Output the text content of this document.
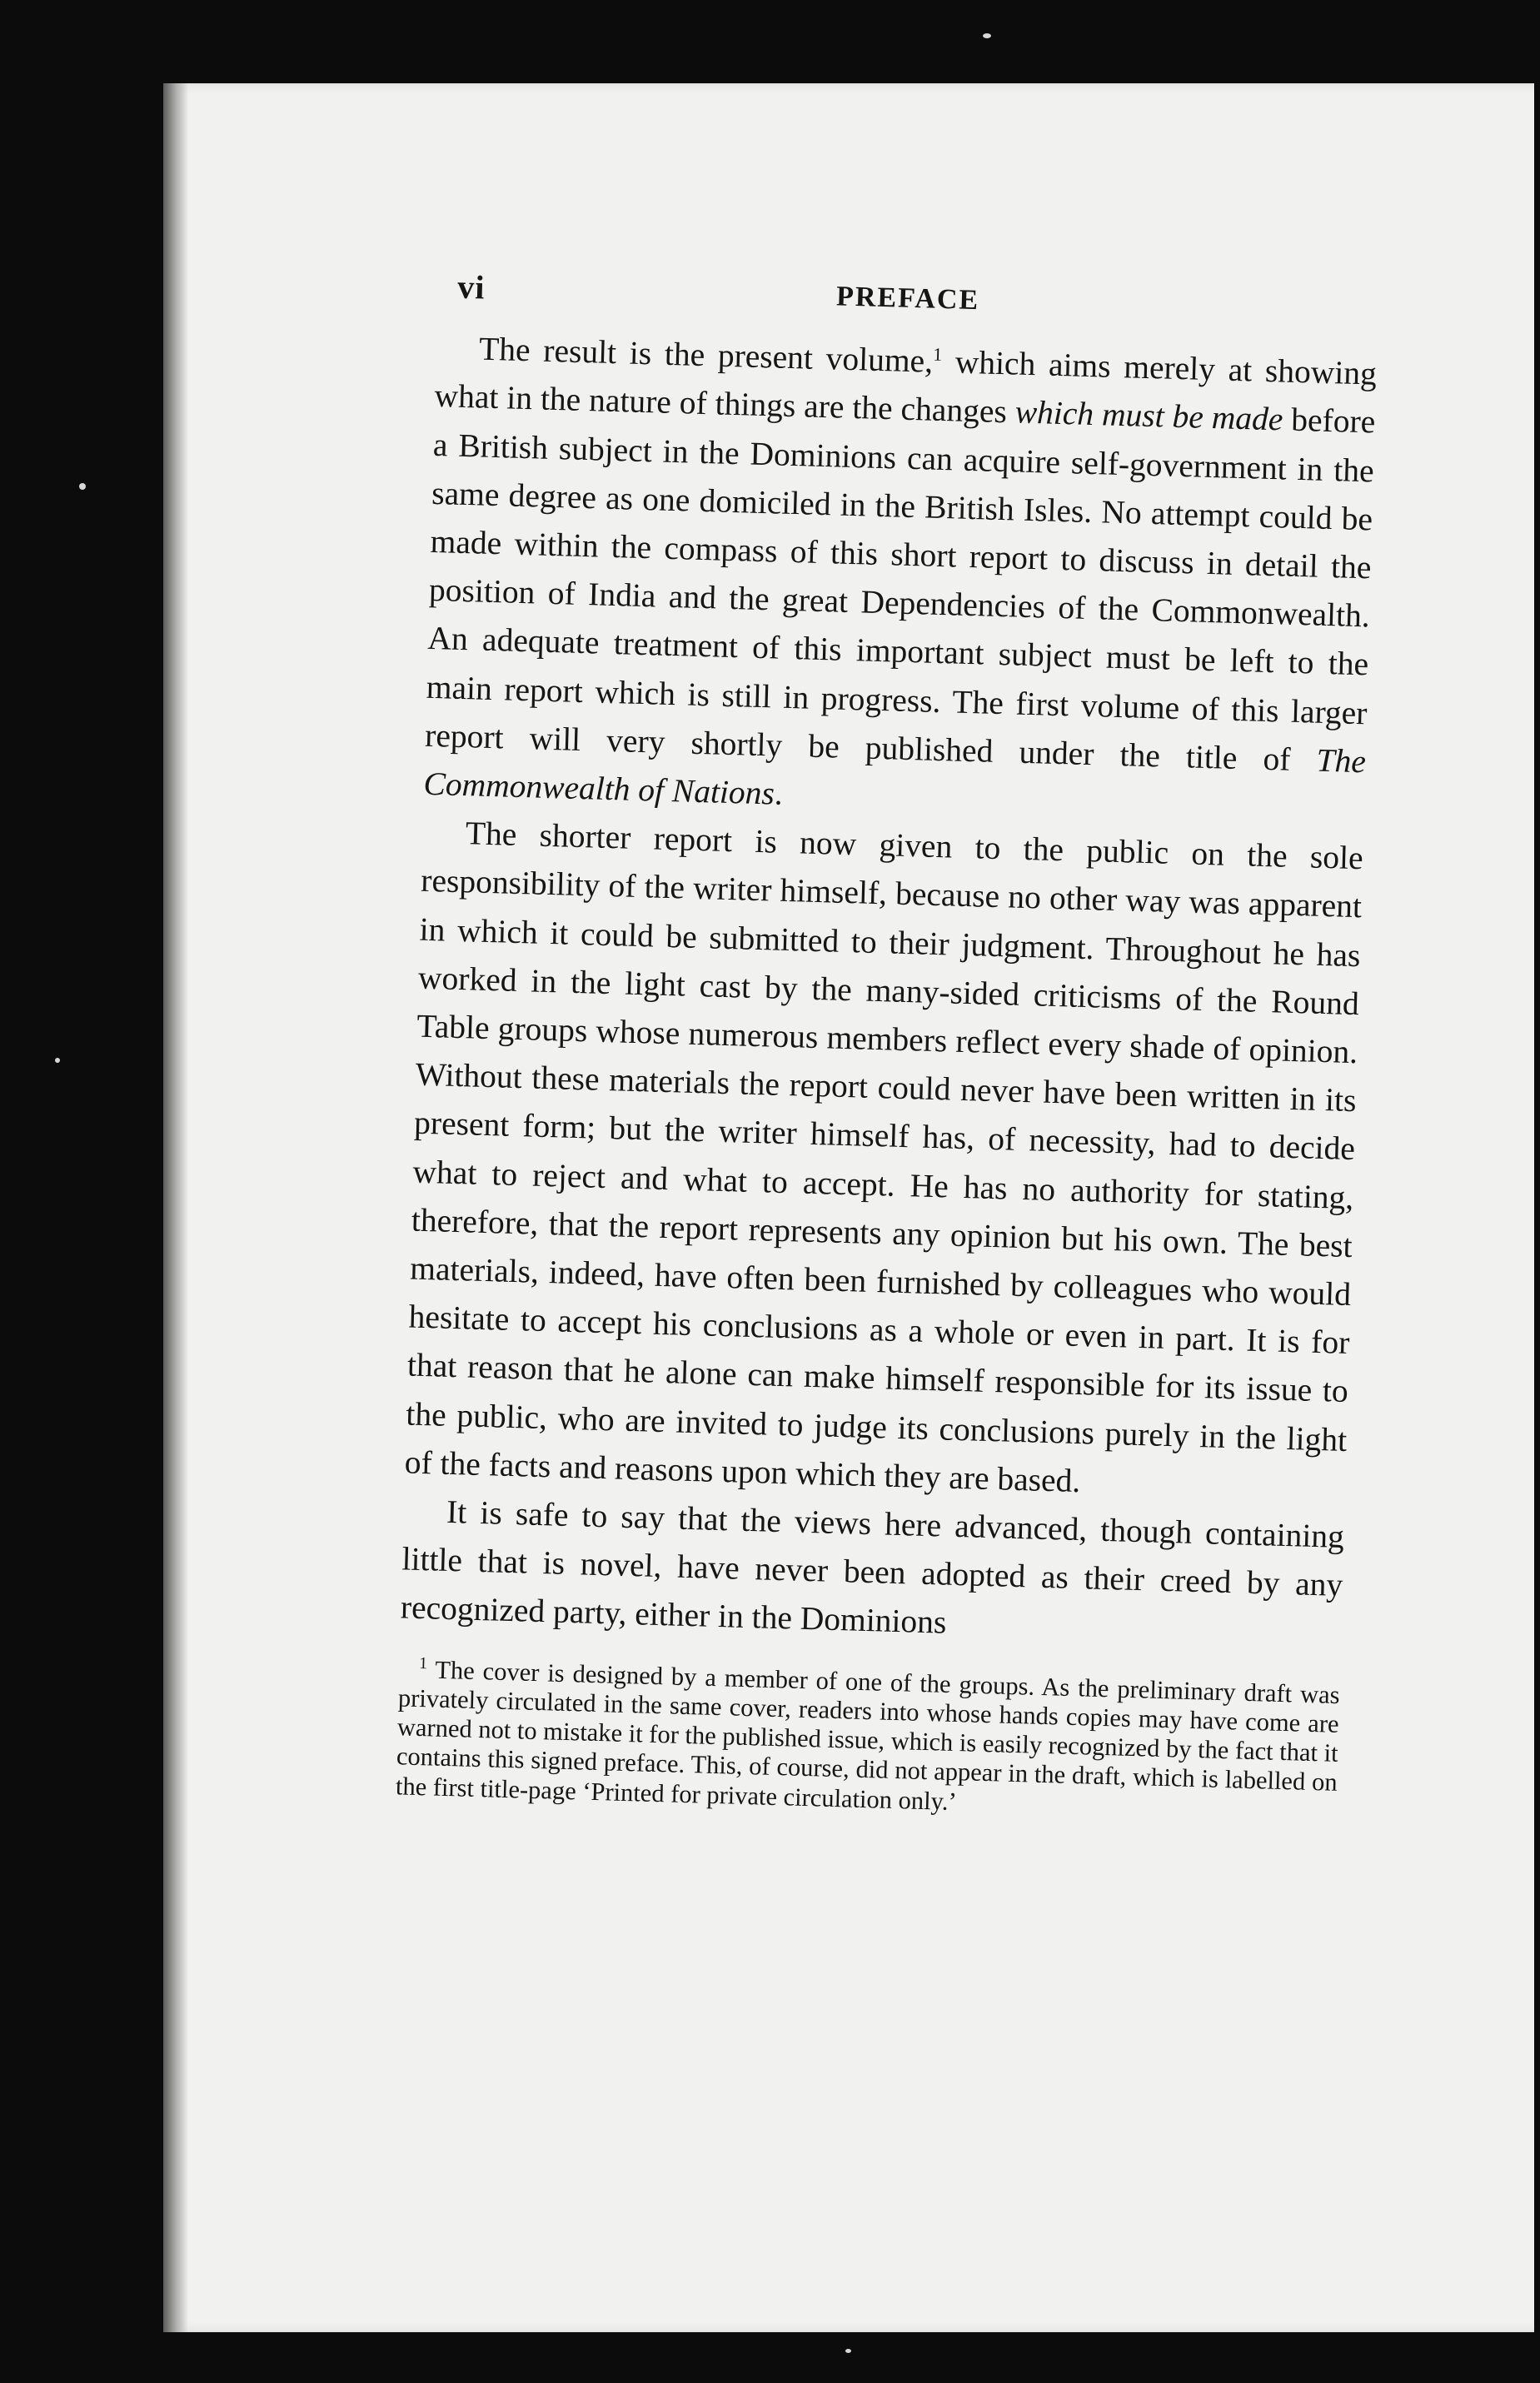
vi	PREFACE

The result is the present volume,$^1$ which aims merely at showing what in the nature of things are the changes which must be made before a British subject in the Dominions can acquire self-government in the same degree as one domiciled in the British Isles. No attempt could be made within the compass of this short report to discuss in detail the position of India and the great Dependencies of the Commonwealth. An adequate treatment of this important subject must be left to the main report which is still in progress. The first volume of this larger report will very shortly be published under the title of The Commonwealth of Nations.

The shorter report is now given to the public on the sole responsibility of the writer himself, because no other way was apparent in which it could be submitted to their judgment. Throughout he has worked in the light cast by the many-sided criticisms of the Round Table groups whose numerous members reflect every shade of opinion. Without these materials the report could never have been written in its present form; but the writer himself has, of necessity, had to decide what to reject and what to accept. He has no authority for stating, therefore, that the report represents any opinion but his own. The best materials, indeed, have often been furnished by colleagues who would hesitate to accept his conclusions as a whole or even in part. It is for that reason that he alone can make himself responsible for its issue to the public, who are invited to judge its conclusions purely in the light of the facts and reasons upon which they are based.

It is safe to say that the views here advanced, though containing little that is novel, have never been adopted as their creed by any recognized party, either in the Dominions

$^1$ The cover is designed by a member of one of the groups. As the preliminary draft was privately circulated in the same cover, readers into whose hands copies may have come are warned not to mistake it for the published issue, which is easily recognized by the fact that it contains this signed preface. This, of course, did not appear in the draft, which is labelled on the first title-page ‘Printed for private circulation only.’
